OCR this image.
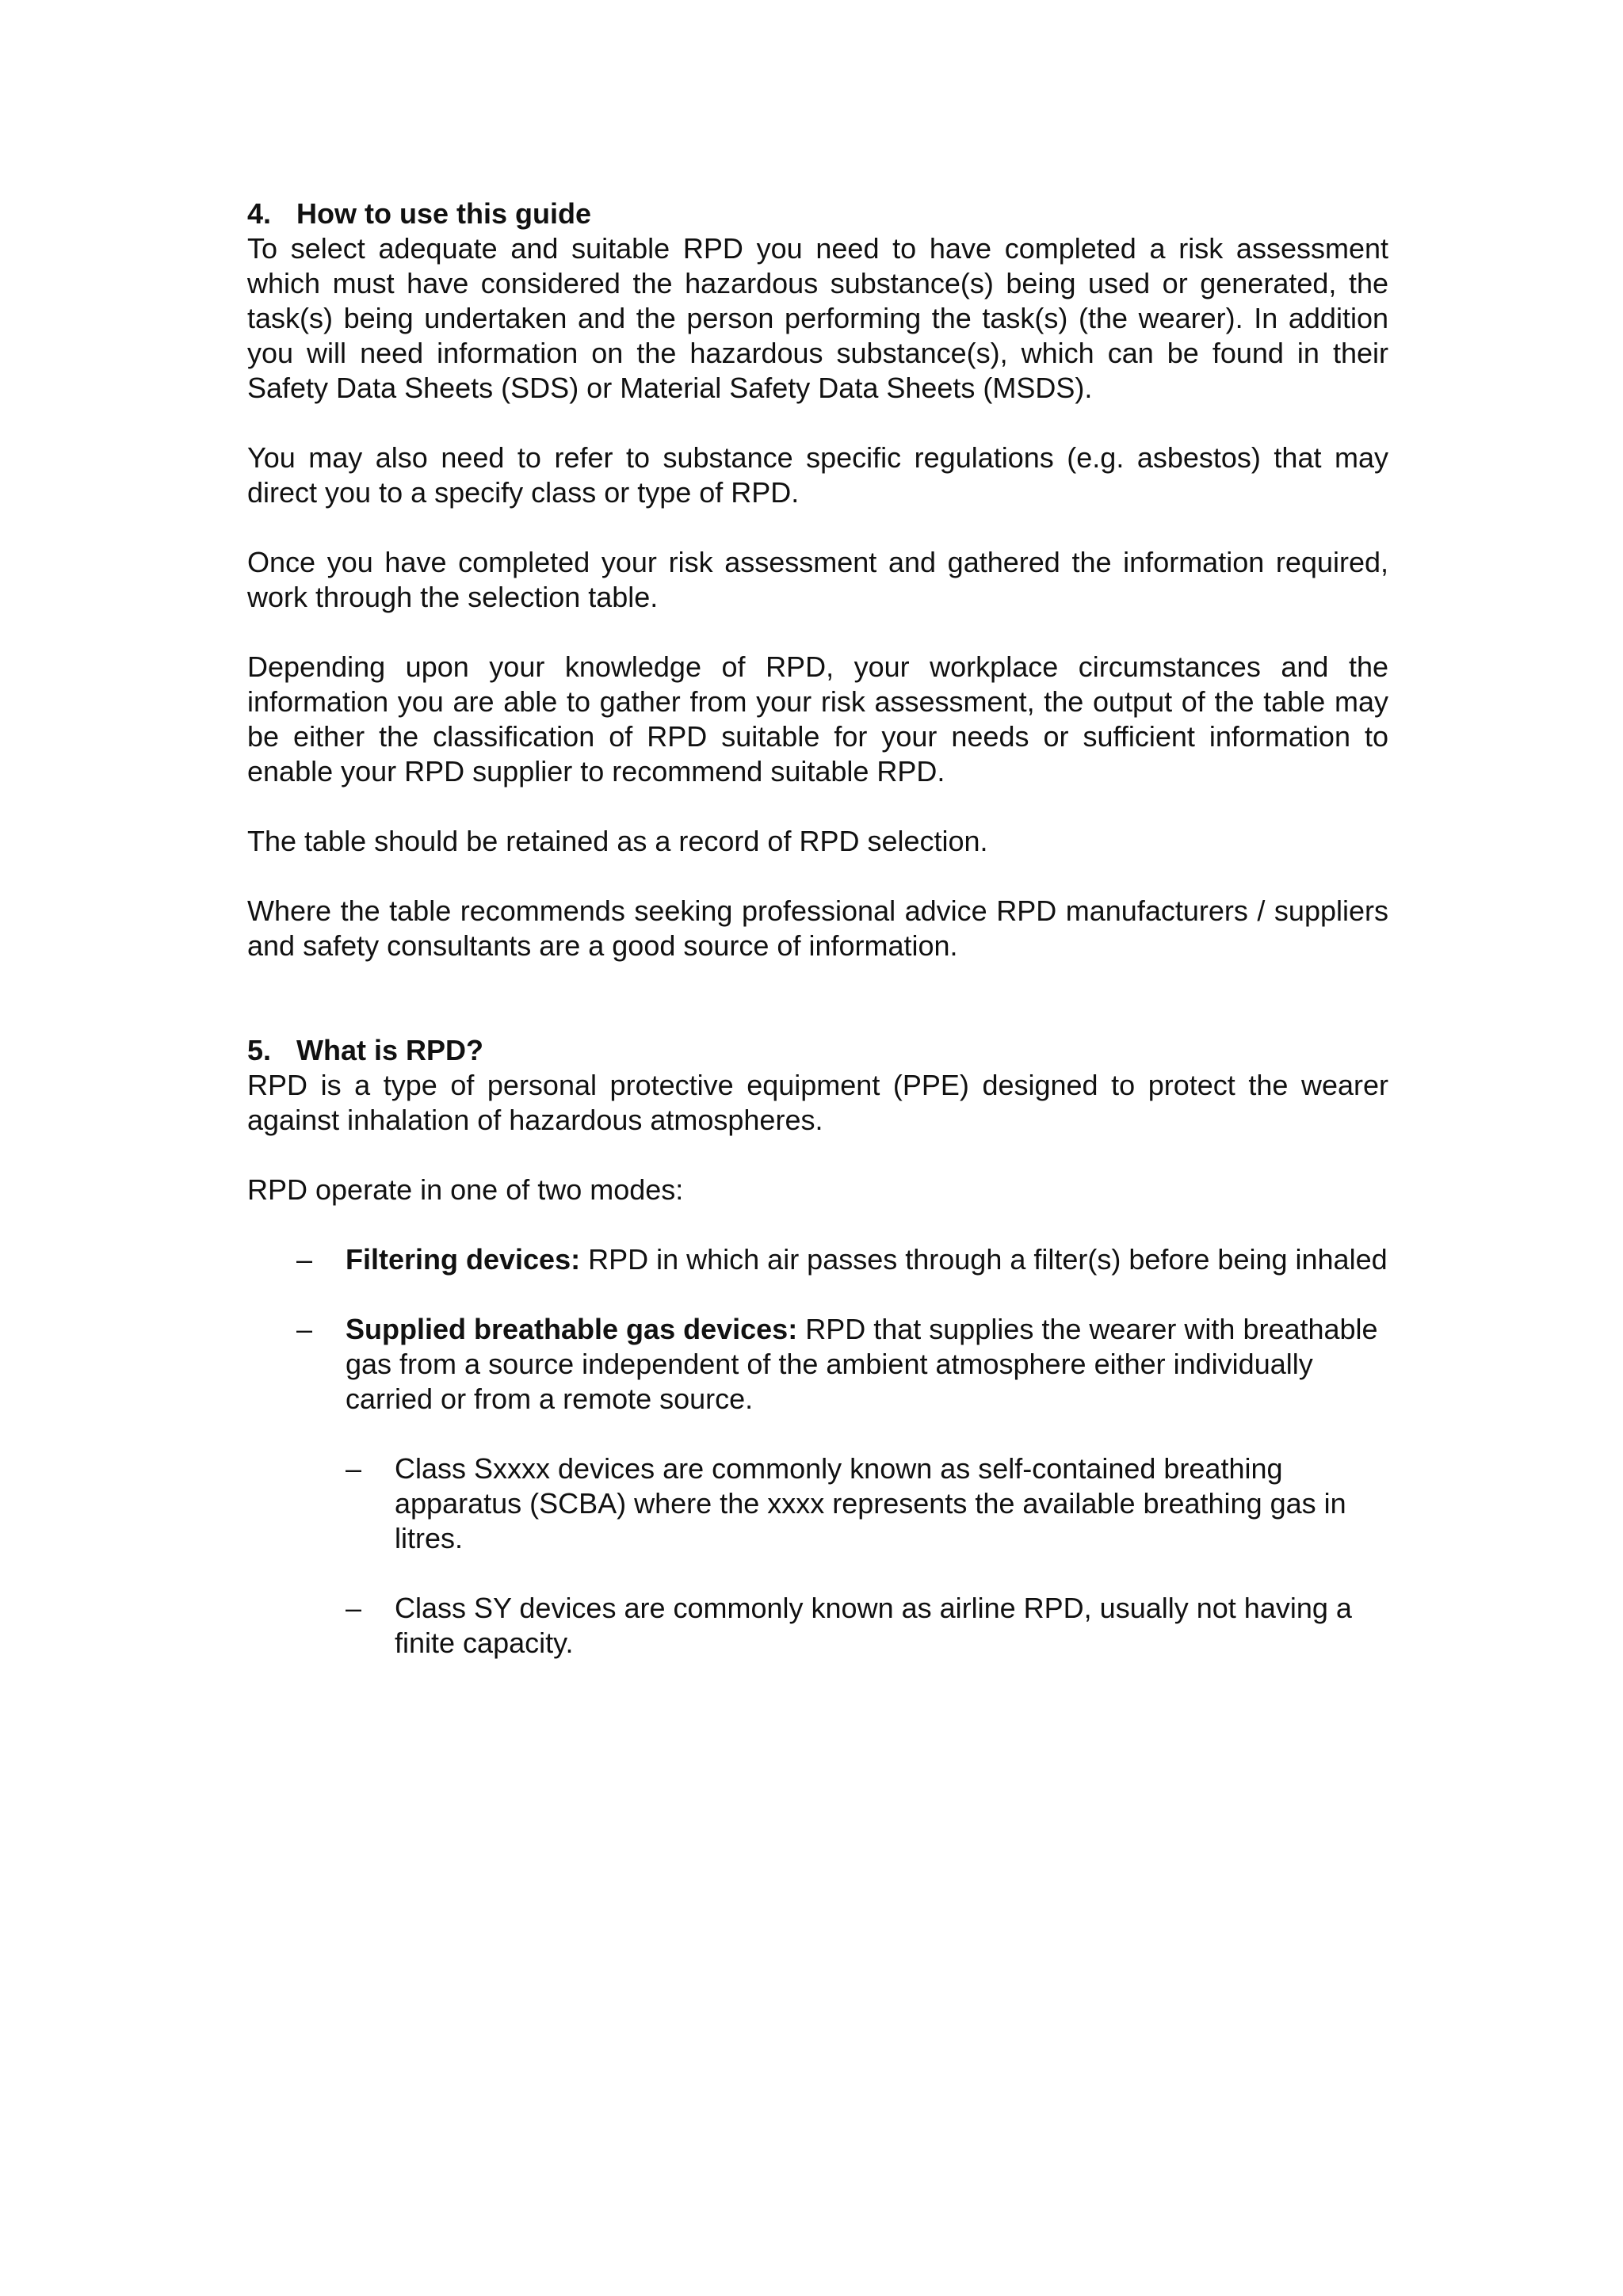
4. How to use this guide

To select adequate and suitable RPD you need to have completed a risk assessment which must have considered the hazardous substance(s) being used or generated, the task(s) being undertaken and the person performing the task(s) (the wearer). In addition you will need information on the hazardous substance(s), which can be found in their Safety Data Sheets (SDS) or Material Safety Data Sheets (MSDS).

You may also need to refer to substance specific regulations (e.g. asbestos) that may direct you to a specify class or type of RPD.

Once you have completed your risk assessment and gathered the information required, work through the selection table.

Depending upon your knowledge of RPD, your workplace circumstances and the information you are able to gather from your risk assessment, the output of the table may be either the classification of RPD suitable for your needs or sufficient information to enable your RPD supplier to recommend suitable RPD.

The table should be retained as a record of RPD selection.

Where the table recommends seeking professional advice RPD manufacturers / suppliers and safety consultants are a good source of information.

5. What is RPD?

RPD is a type of personal protective equipment (PPE) designed to protect the wearer against inhalation of hazardous atmospheres.

RPD operate in one of two modes:

–	Filtering devices: RPD in which air passes through a filter(s) before being inhaled
–	Supplied breathable gas devices: RPD that supplies the wearer with breathable gas from a source independent of the ambient atmosphere either individually carried or from a remote source.
–	Class Sxxxx devices are commonly known as self-contained breathing apparatus (SCBA) where the xxxx represents the available breathing gas in litres.
–	Class SY devices are commonly known as airline RPD, usually not having a finite capacity.
